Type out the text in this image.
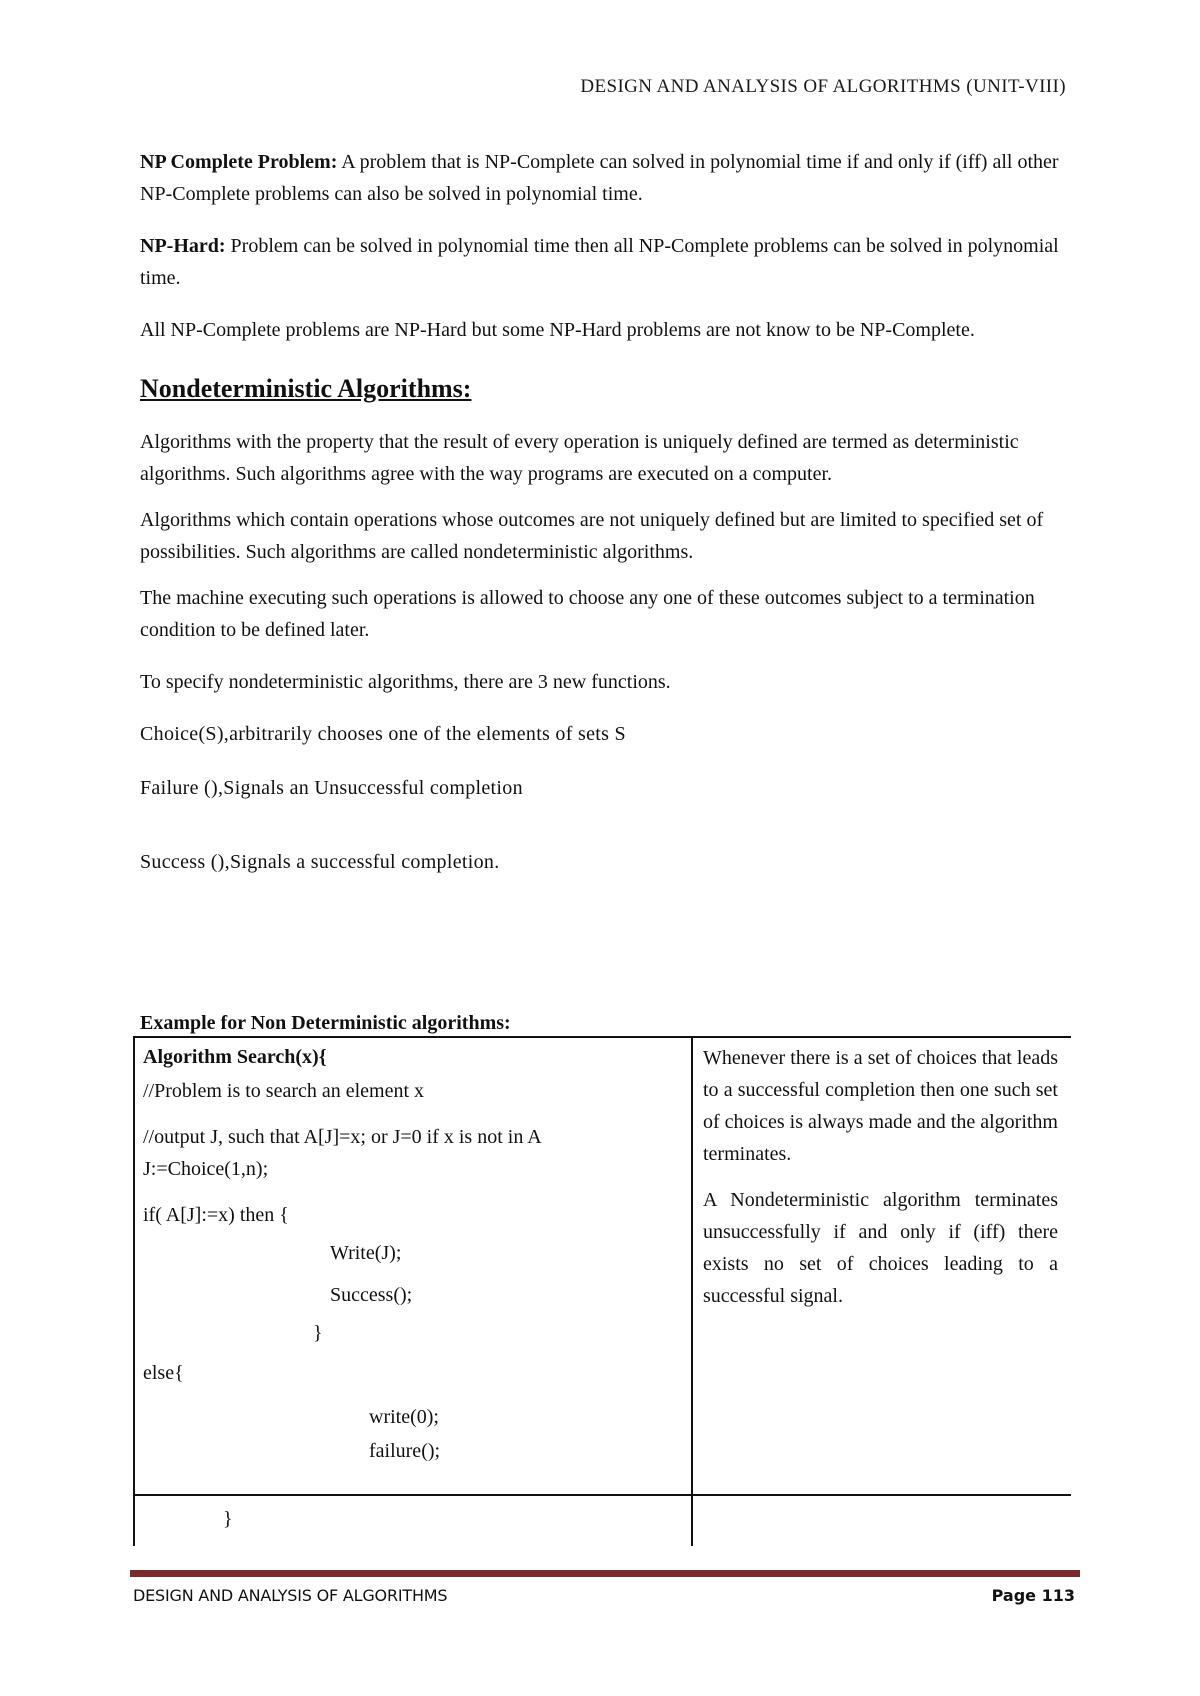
DESIGN AND ANALYSIS OF ALGORITHMS (UNIT-VIII)

NP Complete Problem: A problem that is NP-Complete can solved in polynomial time if and only if (iff) all other NP-Complete problems can also be solved in polynomial time.

NP-Hard: Problem can be solved in polynomial time then all NP-Complete problems can be solved in polynomial time.

All NP-Complete problems are NP-Hard but some NP-Hard problems are not know to be NP-Complete.

Nondeterministic Algorithms:

Algorithms with the property that the result of every operation is uniquely defined are termed as deterministic algorithms. Such algorithms agree with the way programs are executed on a computer.

Algorithms which contain operations whose outcomes are not uniquely defined but are limited to specified set of possibilities. Such algorithms are called nondeterministic algorithms.

The machine executing such operations is allowed to choose any one of these outcomes subject to a termination condition to be defined later.

To specify nondeterministic algorithms, there are 3 new functions.

Choice(S),arbitrarily chooses one of the elements of sets S

Failure (),Signals an Unsuccessful completion

Success (),Signals a successful completion.

Example for Non Deterministic algorithms:
Algorithm Search(x){
//Problem is to search an element x
//output J, such that A[J]=x; or J=0 if x is not in A
J:=Choice(1,n);
if( A[J]:=x) then {
Write(J);
Success();
}
else{
write(0);
failure();
}

Whenever there is a set of choices that leads to a successful completion then one such set of choices is always made and the algorithm terminates.

A Nondeterministic algorithm terminates unsuccessfully if and only if (iff) there exists no set of choices leading to a successful signal.

DESIGN AND ANALYSIS OF ALGORITHMS	Page 113
